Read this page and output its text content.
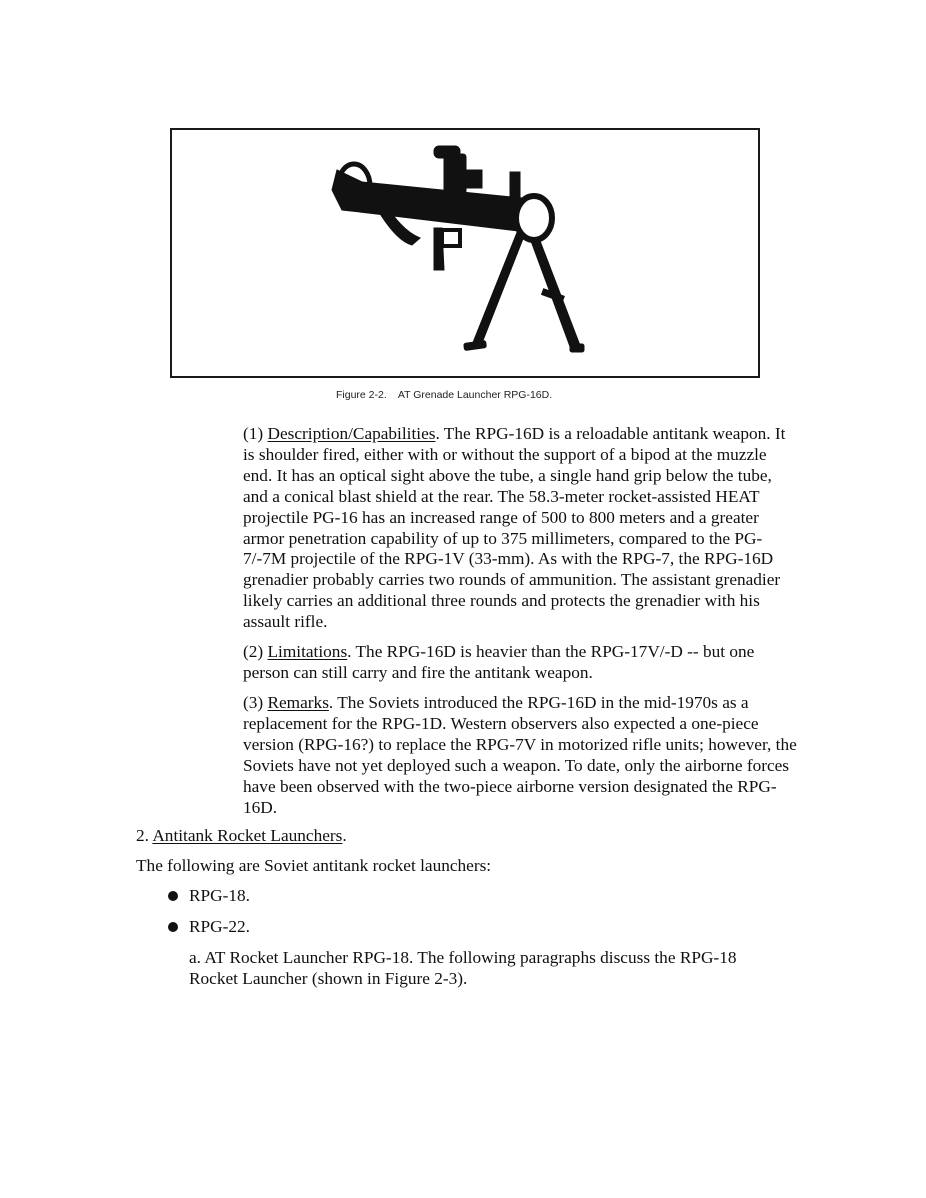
Figure 2-2.    AT Grenade Launcher RPG-16D.
(1) Description/Capabilities. The RPG-16D is a reloadable antitank weapon. It is shoulder fired, either with or without the support of a bipod at the muzzle end. It has an optical sight above the tube, a single hand grip below the tube, and a conical blast shield at the rear. The 58.3-meter rocket-assisted HEAT projectile PG-16 has an increased range of 500 to 800 meters and a greater armor penetration capability of up to 375 millimeters, compared to the PG-7/-7M projectile of the RPG-1V (33-mm). As with the RPG-7, the RPG-16D grenadier probably carries two rounds of ammunition. The assistant grenadier likely carries an additional three rounds and protects the grenadier with his assault rifle.
(2) Limitations. The RPG-16D is heavier than the RPG-17V/-D -- but one person can still carry and fire the antitank weapon.
(3) Remarks. The Soviets introduced the RPG-16D in the mid-1970s as a replacement for the RPG-1D. Western observers also expected a one-piece version (RPG-16?) to replace the RPG-7V in motorized rifle units; however, the Soviets have not yet deployed such a weapon. To date, only the airborne forces have been observed with the two-piece airborne version designated the RPG-16D.
2. Antitank Rocket Launchers.
The following are Soviet antitank rocket launchers:
RPG-18.
RPG-22.
a. AT Rocket Launcher RPG-18. The following paragraphs discuss the RPG-18 Rocket Launcher (shown in Figure 2-3).
